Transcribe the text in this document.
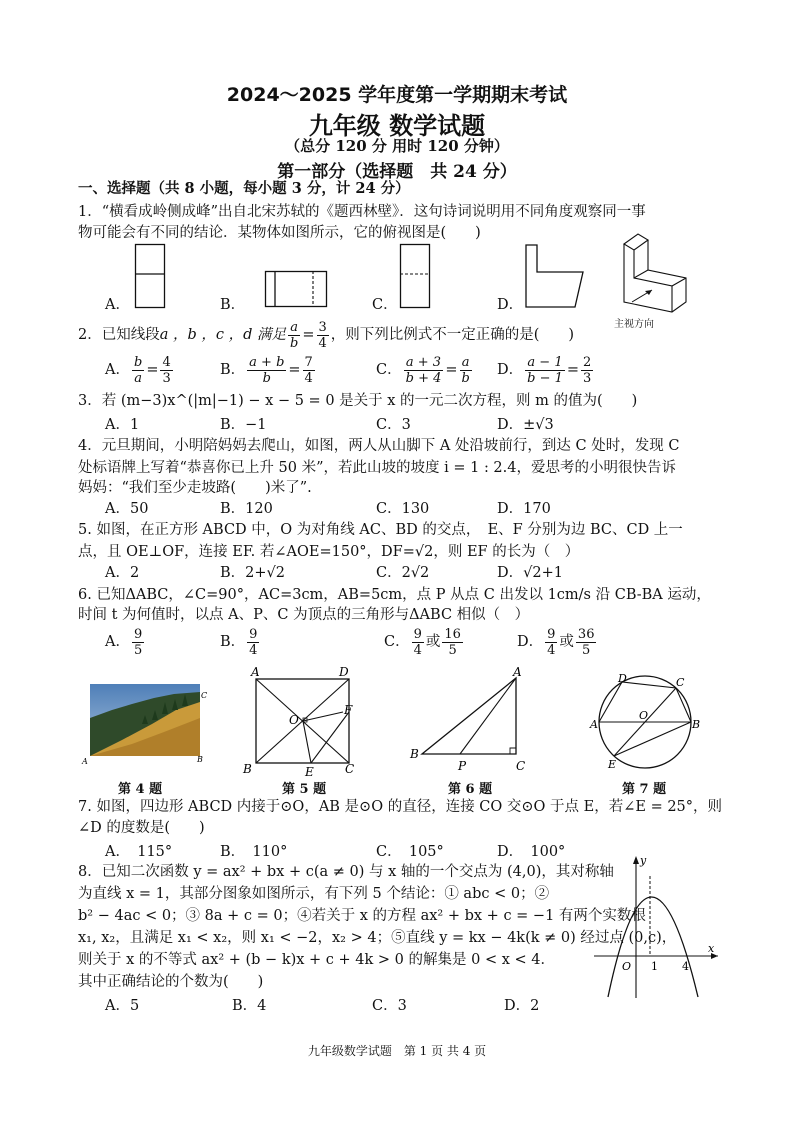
2024～2025 学年度第一学期期末考试
九年级 数学试题
（总分 120 分 用时 120 分钟）
第一部分（选择题　共 24 分）
一、选择题（共 8 小题，每小题 3 分，计 24 分）
1．“横看成岭侧成峰”出自北宋苏轼的《题西林壁》．这句诗词说明用不同角度观察同一事
物可能会有不同的结论．某物体如图所示，它的俯视图是(　　)
A．	B．	C．	D．
主视方向
2．已知线段a ，b ，c ，d 满足 $\frac{a}{b} = \frac{3}{4}$ ，则下列比例式不一定正确的是(　　)
A． $\frac{b}{a} = \frac{4}{3}$	B． $\frac{a + b}{b} = \frac{7}{4}$	C． $\frac{a + 3}{b + 4} = \frac{a}{b}$ D． $\frac{a - 1}{b - 1} = \frac{2}{3}$
3．若 (m−3)x^(|m|−1) − x − 5 = 0 是关于 x 的一元二次方程，则 m 的值为(　　)
A．1	B．−1	C．3	D．±√3
4．元旦期间，小明陪妈妈去爬山，如图，两人从山脚下 A 处沿坡前行，到达 C 处时，发现 C
处标语牌上写着“恭喜你已上升 50 米”，若此山坡的坡度 i = 1 : 2.4，爱思考的小明很快告诉
妈妈：“我们至少走坡路(　　)米了”.
A．50	B．120	C．130	D．170
5. 如图，在正方形 ABCD 中，O 为对角线 AC、BD 的交点，　E、F 分别为边 BC、CD 上一
点，且 OE⊥OF，连接 EF. 若∠AOE=150°，DF=√2，则 EF 的长为（　）
A．2	B．2+√2	C．2√2	D．√2+1
6. 已知ΔABC，∠C=90°，AC=3cm，AB=5cm，点 P 从点 C 出发以 1cm/s 沿 CB-BA 运动，
时间 t 为何值时，以点 A、P、C 为顶点的三角形与ΔABC 相似（　）
A． $\frac{9}{5}$	B． $\frac{9}{4}$	C． $\frac{9}{4}$ 或 $\frac{16}{5}$	D． $\frac{9}{4}$ 或 $\frac{36}{5}$
A	B
C
第 4 题
A	D
B	C
E
F
O
第 5 题
B
A
C
P
第 6 题
A	B
C
D
E
O
第 7 题
7. 如图，四边形 ABCD 内接于⊙O，AB 是⊙O 的直径，连接 CO 交⊙O 于点 E，若∠E = 25°，则
∠D 的度数是(　　)
A．　115°	B．　110°	C．　105°	D．　100°
8．已知二次函数 y = ax² + bx + c(a ≠ 0) 与 x 轴的一个交点为 (4,0)，其对称轴
为直线 x = 1，其部分图象如图所示，有下列 5 个结论：① abc < 0；②
b² − 4ac < 0；③ 8a + c = 0；④若关于 x 的方程 ax² + bx + c = −1 有两个实数根
x₁, x₂，且满足 x₁ < x₂，则 x₁ < −2，x₂ > 4；⑤直线 y = kx − 4k(k ≠ 0) 经过点 (0,c)，
则关于 x 的不等式 ax² + (b − k)x + c + 4k > 0 的解集是 0 < x < 4．
其中正确结论的个数为(　　)
A．5	B．4	C．3	D．2
y
x
O 1 4
九年级数学试题　第 1 页 共 4 页
